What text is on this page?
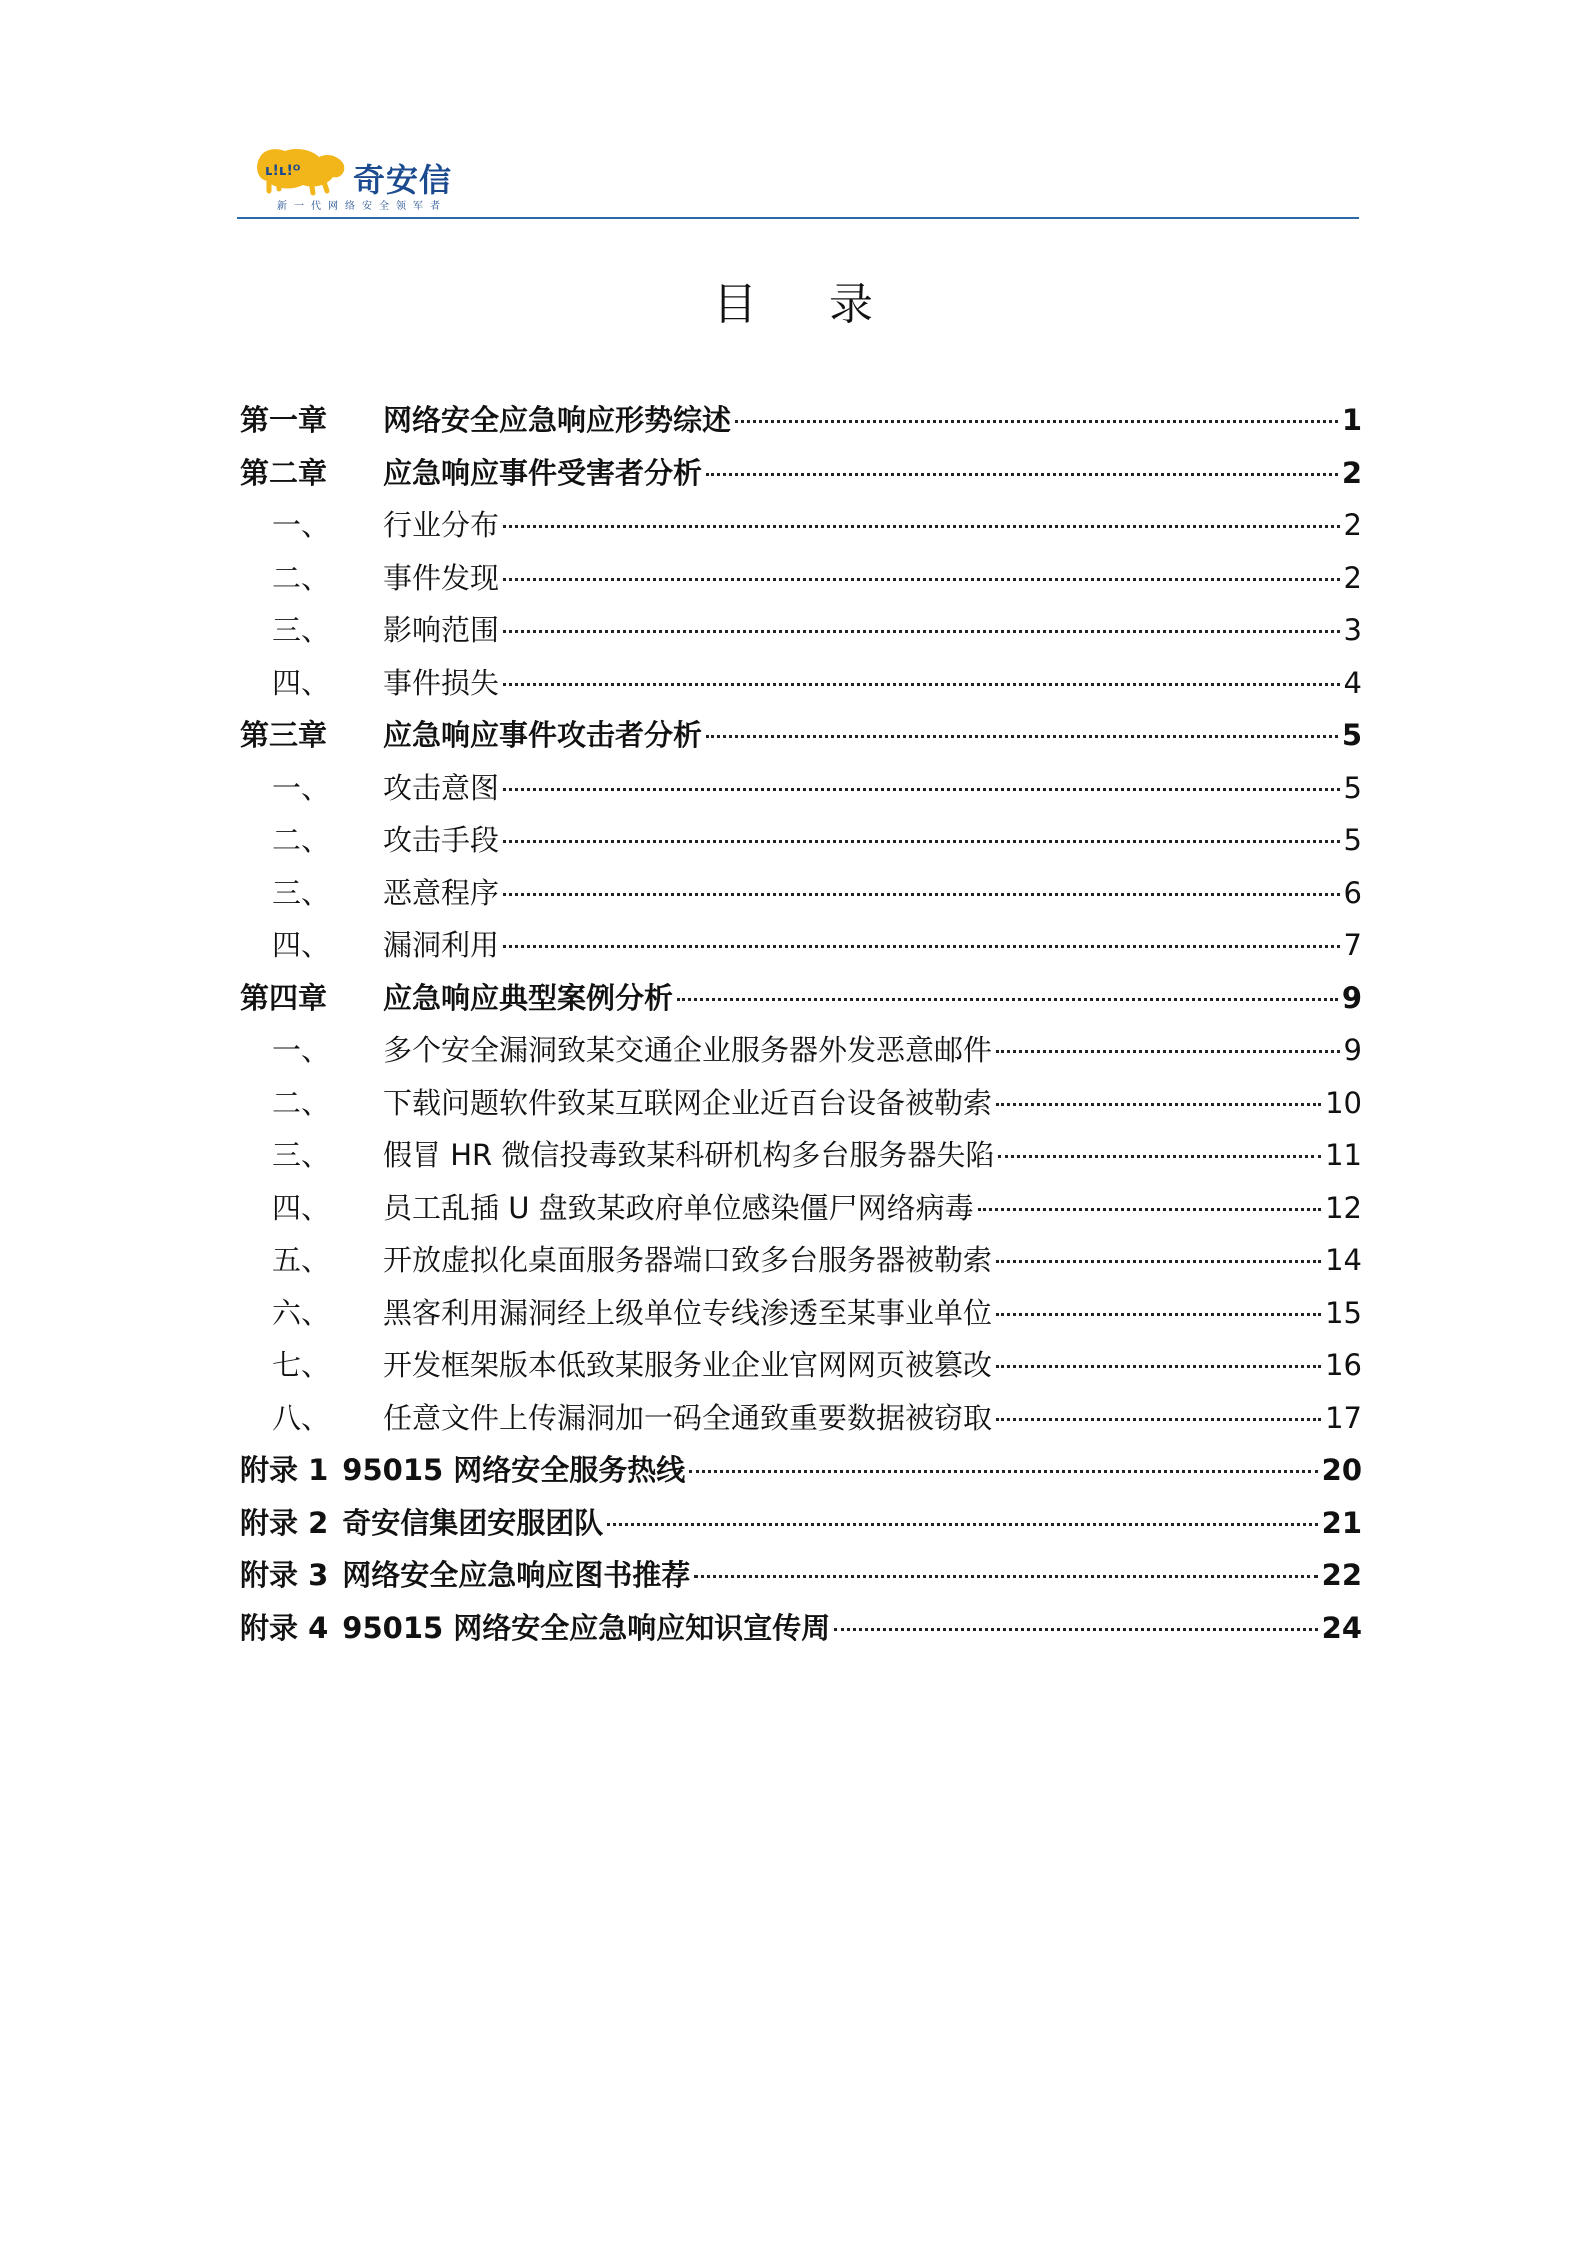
ʟ!ʟ!ᴼ 奇安信
新一代网络安全领军者
目录
第一章	网络安全应急响应形势综述	1
第二章	应急响应事件受害者分析	2
一、	行业分布	2
二、	事件发现	2
三、	影响范围	3
四、	事件损失	4
第三章	应急响应事件攻击者分析	5
一、	攻击意图	5
二、	攻击手段	5
三、	恶意程序	6
四、	漏洞利用	7
第四章	应急响应典型案例分析	9
一、	多个安全漏洞致某交通企业服务器外发恶意邮件	9
二、	下载问题软件致某互联网企业近百台设备被勒索	10
三、	假冒 HR 微信投毒致某科研机构多台服务器失陷	11
四、	员工乱插 U 盘致某政府单位感染僵尸网络病毒	12
五、	开放虚拟化桌面服务器端口致多台服务器被勒索	14
六、	黑客利用漏洞经上级单位专线渗透至某事业单位	15
七、	开发框架版本低致某服务业企业官网网页被篡改	16
八、	任意文件上传漏洞加一码全通致重要数据被窃取	17
附录 1 95015 网络安全服务热线	20
附录 2 奇安信集团安服团队	21
附录 3 网络安全应急响应图书推荐	22
附录 4 95015 网络安全应急响应知识宣传周	24
